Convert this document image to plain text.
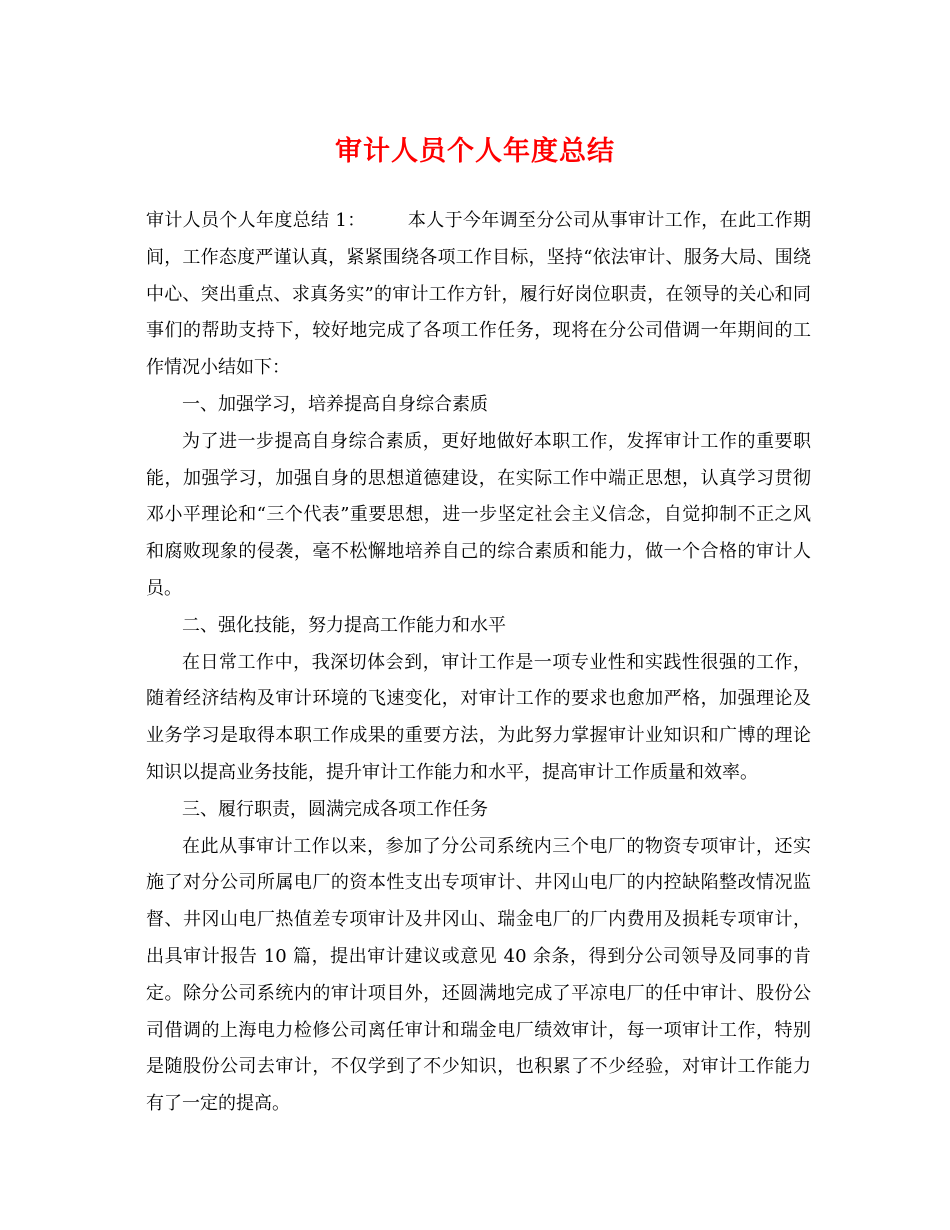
审计人员个人年度总结

审计人员个人年度总结 1： 本人于今年调至分公司从事审计工作，在此工作期间，工作态度严谨认真，紧紧围绕各项工作目标，坚持“依法审计、服务大局、围绕中心、突出重点、求真务实”的审计工作方针，履行好岗位职责，在领导的关心和同事们的帮助支持下，较好地完成了各项工作任务，现将在分公司借调一年期间的工作情况小结如下：

一、加强学习，培养提高自身综合素质

为了进一步提高自身综合素质，更好地做好本职工作，发挥审计工作的重要职能，加强学习，加强自身的思想道德建设，在实际工作中端正思想，认真学习贯彻邓小平理论和“三个代表”重要思想，进一步坚定社会主义信念，自觉抑制不正之风和腐败现象的侵袭，毫不松懈地培养自己的综合素质和能力，做一个合格的审计人员。

二、强化技能，努力提高工作能力和水平

在日常工作中，我深切体会到，审计工作是一项专业性和实践性很强的工作，随着经济结构及审计环境的飞速变化，对审计工作的要求也愈加严格，加强理论及业务学习是取得本职工作成果的重要方法，为此努力掌握审计业知识和广博的理论知识以提高业务技能，提升审计工作能力和水平，提高审计工作质量和效率。

三、履行职责，圆满完成各项工作任务

在此从事审计工作以来，参加了分公司系统内三个电厂的物资专项审计，还实施了对分公司所属电厂的资本性支出专项审计、井冈山电厂的内控缺陷整改情况监督、井冈山电厂热值差专项审计及井冈山、瑞金电厂的厂内费用及损耗专项审计，出具审计报告 10 篇，提出审计建议或意见 40 余条，得到分公司领导及同事的肯定。除分公司系统内的审计项目外，还圆满地完成了平凉电厂的任中审计、股份公司借调的上海电力检修公司离任审计和瑞金电厂绩效审计，每一项审计工作，特别是随股份公司去审计，不仅学到了不少知识，也积累了不少经验，对审计工作能力有了一定的提高。
